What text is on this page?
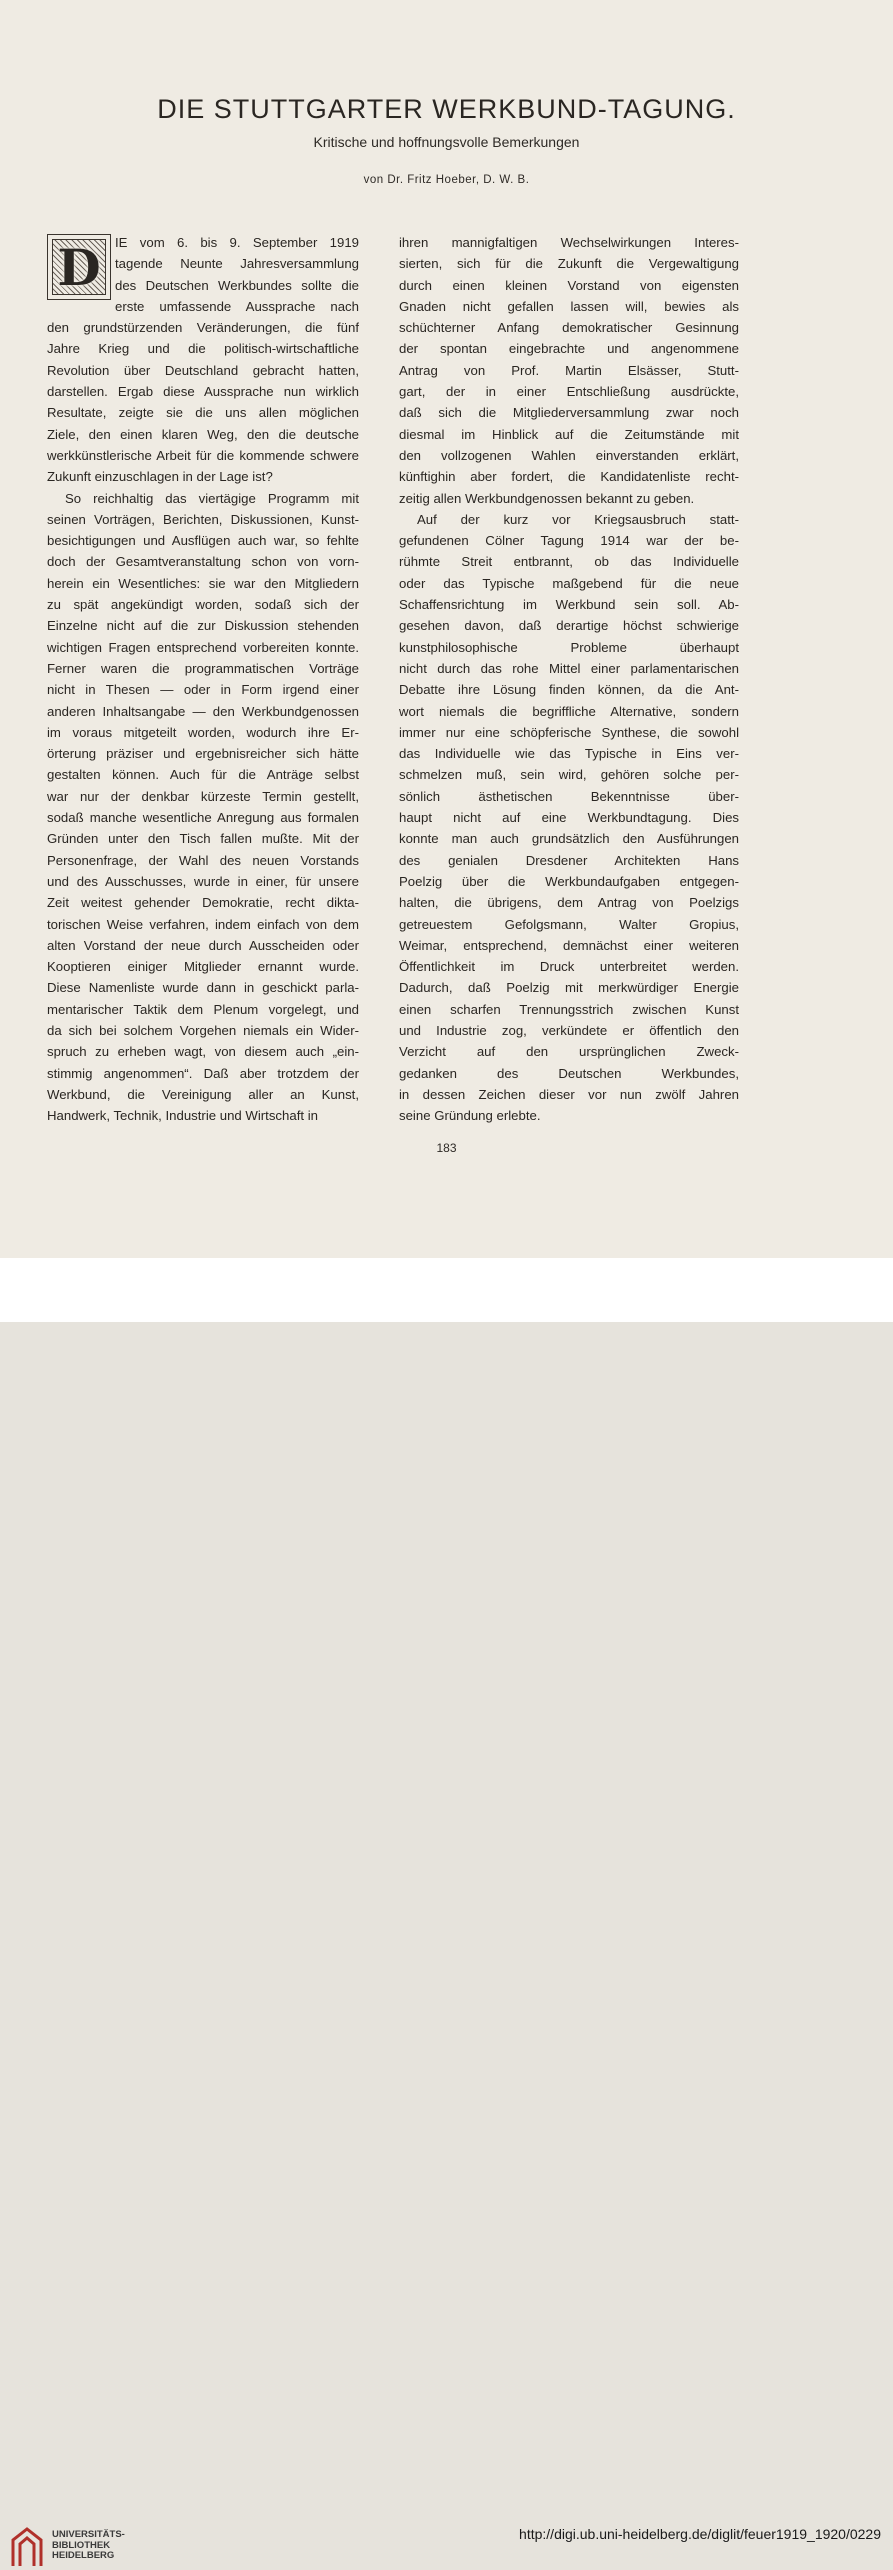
DIE STUTTGARTER WERKBUND-TAGUNG.
Kritische und hoffnungsvolle Bemerkungen
von Dr. Fritz Hoeber, D. W. B.
D	IE vom 6. bis 9. September 1919
tagende Neunte Jahresversammlung
des Deutschen Werkbundes sollte die
erste umfassende Aussprache nach
den grundstürzenden Veränderungen, die fünf
Jahre Krieg und die politisch-wirtschaftliche
Revolution über Deutschland gebracht hatten,
darstellen. Ergab diese Aussprache nun wirklich
Resultate, zeigte sie die uns allen möglichen
Ziele, den einen klaren Weg, den die deutsche
werkkünstlerische Arbeit für die kommende schwere
Zukunft einzuschlagen in der Lage ist?
So reichhaltig das viertägige Programm mit
seinen Vorträgen, Berichten, Diskussionen, Kunst-
besichtigungen und Ausflügen auch war, so fehlte
doch der Gesamtveranstaltung schon von vorn-
herein ein Wesentliches: sie war den Mitgliedern
zu spät angekündigt worden, sodaß sich der
Einzelne nicht auf die zur Diskussion stehenden
wichtigen Fragen entsprechend vorbereiten konnte.
Ferner waren die programmatischen Vorträge
nicht in Thesen — oder in Form irgend einer
anderen Inhaltsangabe — den Werkbundgenossen
im voraus mitgeteilt worden, wodurch ihre Er-
örterung präziser und ergebnisreicher sich hätte
gestalten können. Auch für die Anträge selbst
war nur der denkbar kürzeste Termin gestellt,
sodaß manche wesentliche Anregung aus formalen
Gründen unter den Tisch fallen mußte. Mit der
Personenfrage, der Wahl des neuen Vorstands
und des Ausschusses, wurde in einer, für unsere
Zeit weitest gehender Demokratie, recht dikta-
torischen Weise verfahren, indem einfach von dem
alten Vorstand der neue durch Ausscheiden oder
Kooptieren einiger Mitglieder ernannt wurde.
Diese Namenliste wurde dann in geschickt parla-
mentarischer Taktik dem Plenum vorgelegt, und
da sich bei solchem Vorgehen niemals ein Wider-
spruch zu erheben wagt, von diesem auch „ein-
stimmig angenommen“. Daß aber trotzdem der
Werkbund, die Vereinigung aller an Kunst,
Handwerk, Technik, Industrie und Wirtschaft in
ihren mannigfaltigen Wechselwirkungen Interes-
sierten, sich für die Zukunft die Vergewaltigung
durch einen kleinen Vorstand von eigensten
Gnaden nicht gefallen lassen will, bewies als
schüchterner Anfang demokratischer Gesinnung
der spontan eingebrachte und angenommene
Antrag von Prof. Martin Elsässer, Stutt-
gart, der in einer Entschließung ausdrückte,
daß sich die Mitgliederversammlung zwar noch
diesmal im Hinblick auf die Zeitumstände mit
den vollzogenen Wahlen einverstanden erklärt,
künftighin aber fordert, die Kandidatenliste recht-
zeitig allen Werkbundgenossen bekannt zu geben.
Auf der kurz vor Kriegsausbruch statt-
gefundenen Cölner Tagung 1914 war der be-
rühmte Streit entbrannt, ob das Individuelle
oder das Typische maßgebend für die neue
Schaffensrichtung im Werkbund sein soll. Ab-
gesehen davon, daß derartige höchst schwierige
kunstphilosophische Probleme überhaupt
nicht durch das rohe Mittel einer parlamentarischen
Debatte ihre Lösung finden können, da die Ant-
wort niemals die begriffliche Alternative, sondern
immer nur eine schöpferische Synthese, die sowohl
das Individuelle wie das Typische in Eins ver-
schmelzen muß, sein wird, gehören solche per-
sönlich ästhetischen Bekenntnisse über-
haupt nicht auf eine Werkbundtagung. Dies
konnte man auch grundsätzlich den Ausführungen
des genialen Dresdener Architekten Hans
Poelzig über die Werkbundaufgaben entgegen-
halten, die übrigens, dem Antrag von Poelzigs
getreuestem Gefolgsmann, Walter Gropius,
Weimar, entsprechend, demnächst einer weiteren
Öffentlichkeit im Druck unterbreitet werden.
Dadurch, daß Poelzig mit merkwürdiger Energie
einen scharfen Trennungsstrich zwischen Kunst
und Industrie zog, verkündete er öffentlich den
Verzicht auf den ursprünglichen Zweck-
gedanken des Deutschen Werkbundes,
in dessen Zeichen dieser vor nun zwölf Jahren
seine Gründung erlebte.
183
UNIVERSITÄTS-
BIBLIOTHEK
HEIDELBERG
http://digi.ub.uni-heidelberg.de/diglit/feuer1919_1920/0229
